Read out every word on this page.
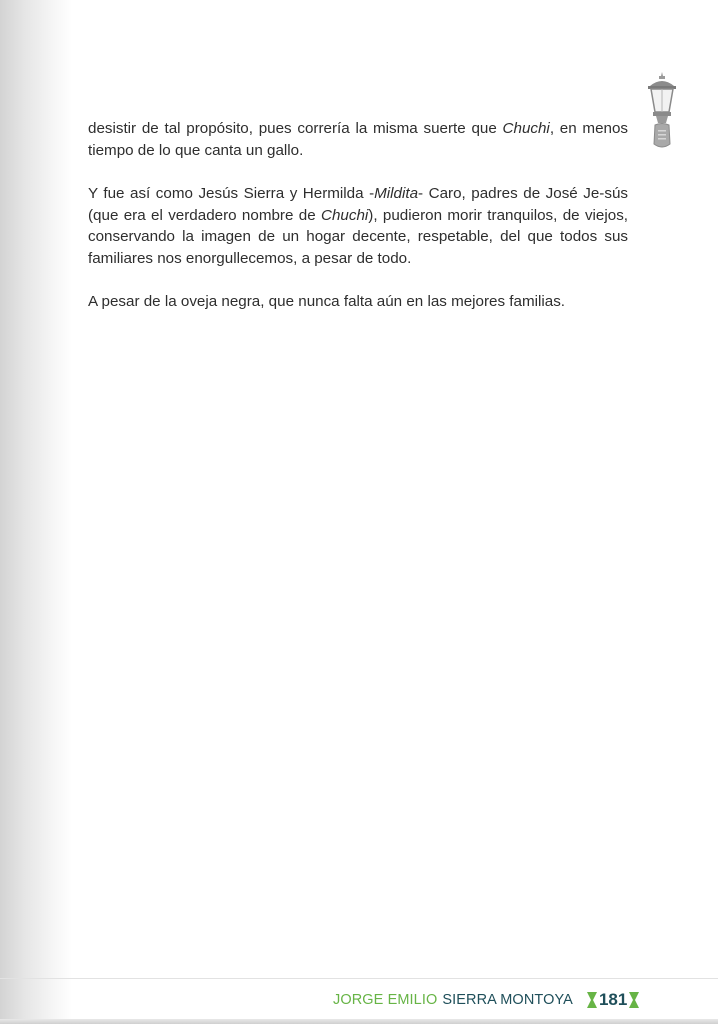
desistir de tal propósito, pues correría la misma suerte que Chuchi, en menos tiempo de lo que canta un gallo.

Y fue así como Jesús Sierra y Hermilda -Mildita- Caro, padres de José Je-sús (que era el verdadero nombre de Chuchi), pudieron morir tranquilos, de viejos, conservando la imagen de un hogar decente, respetable, del que todos sus familiares nos enorgullecemos, a pesar de todo.

A pesar de la oveja negra, que nunca falta aún en las mejores familias.

JORGE EMILIO SIERRA MONTOYA 181
